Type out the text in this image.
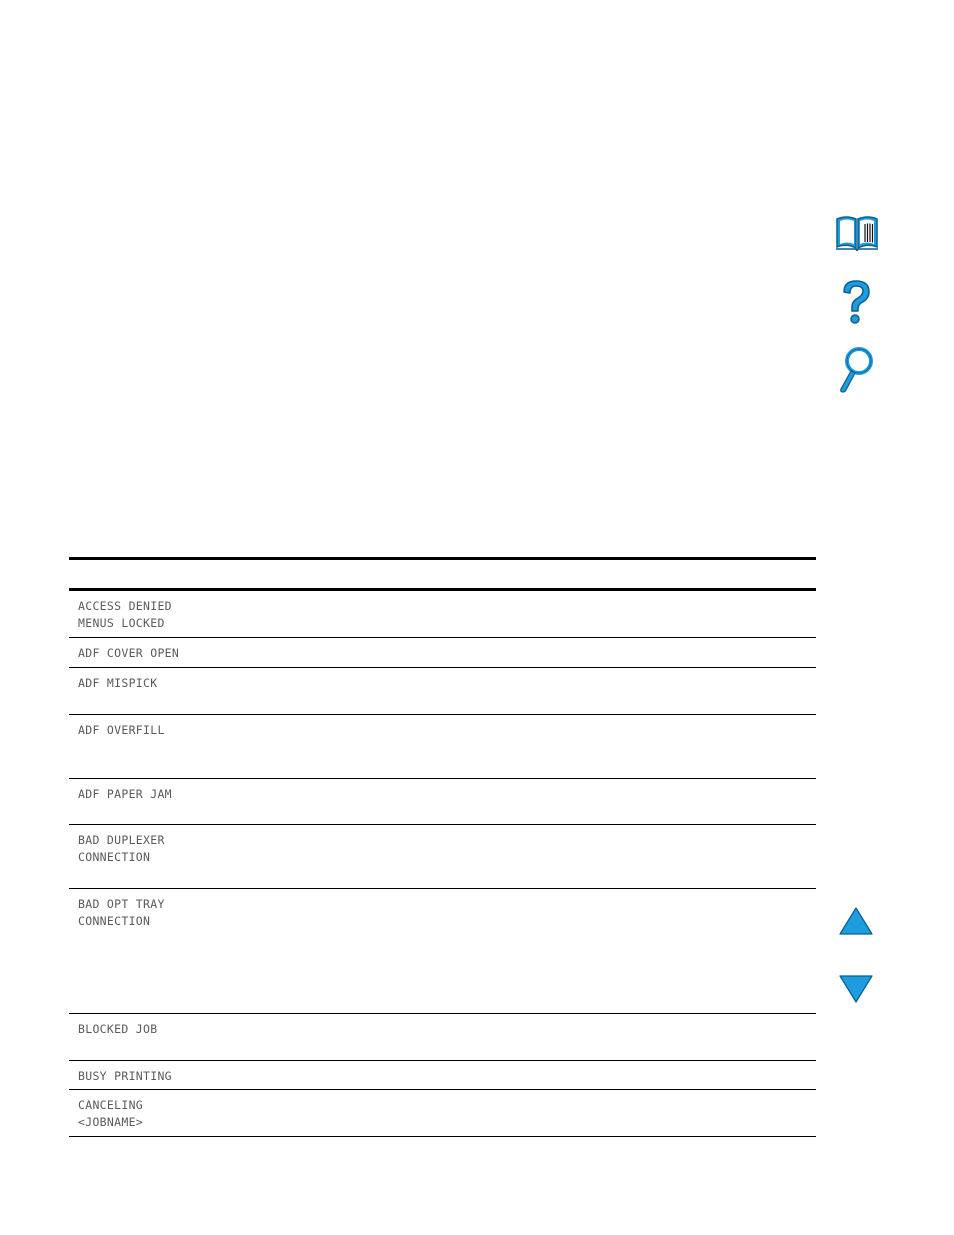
ACCESS DENIED
MENUS LOCKED
ADF COVER OPEN
ADF MISPICK
ADF OVERFILL
ADF PAPER JAM
BAD DUPLEXER
CONNECTION
BAD OPT TRAY
CONNECTION
BLOCKED JOB
BUSY PRINTING
CANCELING
<JOBNAME>
